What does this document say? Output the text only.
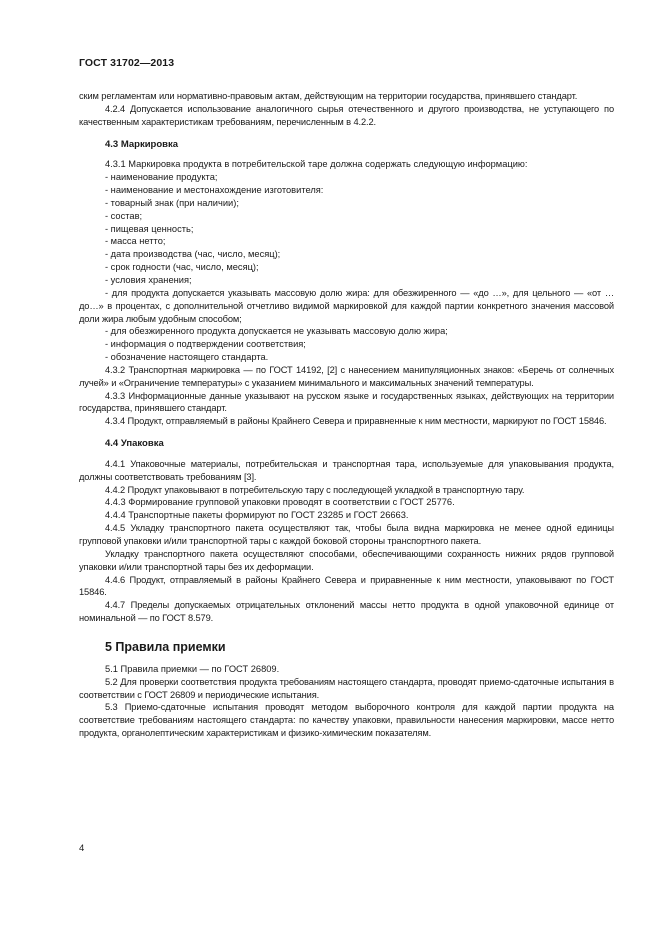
ГОСТ 31702—2013

ским регламентам или нормативно-правовым актам, действующим на территории государства, принявшего стандарт.

4.2.4 Допускается использование аналогичного сырья отечественного и другого производства, не уступающего по качественным характеристикам требованиям, перечисленным в 4.2.2.

4.3 Маркировка

4.3.1 Маркировка продукта в потребительской таре должна содержать следующую информацию:

- наименование продукта;

- наименование и местонахождение изготовителя:

- товарный знак (при наличии);

- состав;

- пищевая ценность;

- масса нетто;

- дата производства (час, число, месяц);

- срок годности (час, число, месяц);

- условия хранения;

- для продукта допускается указывать массовую долю жира: для обезжиренного — «до …», для цельного — «от … до…» в процентах, с дополнительной отчетливо видимой маркировкой для каждой партии конкретного значения массовой доли жира любым удобным способом;

- для обезжиренного продукта допускается не указывать массовую долю жира;

- информация о подтверждении соответствия;

- обозначение настоящего стандарта.

4.3.2 Транспортная маркировка — по ГОСТ 14192, [2] с нанесением манипуляционных знаков: «Беречь от солнечных лучей» и «Ограничение температуры» с указанием минимального и максимальных значений температуры.

4.3.3 Информационные данные указывают на русском языке и государственных языках, действующих на территории государства, принявшего стандарт.

4.3.4 Продукт, отправляемый в районы Крайнего Севера и приравненные к ним местности, маркируют по ГОСТ 15846.

4.4 Упаковка

4.4.1 Упаковочные материалы, потребительская и транспортная тара, используемые для упаковывания продукта, должны соответствовать требованиям [3].

4.4.2 Продукт упаковывают в потребительскую тару с последующей укладкой в транспортную тару.

4.4.3 Формирование групповой упаковки проводят в соответствии с ГОСТ 25776.

4.4.4 Транспортные пакеты формируют по ГОСТ 23285 и ГОСТ 26663.

4.4.5 Укладку транспортного пакета осуществляют так, чтобы была видна маркировка не менее одной единицы групповой упаковки и/или транспортной тары с каждой боковой стороны транспортного пакета.

Укладку транспортного пакета осуществляют способами, обеспечивающими сохранность нижних рядов групповой упаковки и/или транспортной тары без их деформации.

4.4.6 Продукт, отправляемый в районы Крайнего Севера и приравненные к ним местности, упаковывают по ГОСТ 15846.

4.4.7 Пределы допускаемых отрицательных отклонений массы нетто продукта в одной упаковочной единице от номинальной — по ГОСТ 8.579.

5 Правила приемки

5.1 Правила приемки — по ГОСТ 26809.

5.2 Для проверки соответствия продукта требованиям настоящего стандарта, проводят приемо-сдаточные испытания в соответствии с ГОСТ 26809 и периодические испытания.

5.3 Приемо-сдаточные испытания проводят методом выборочного контроля для каждой партии продукта на соответствие требованиям настоящего стандарта: по качеству упаковки, правильности нанесения маркировки, массе нетто продукта, органолептическим характеристикам и физико-химическим показателям.

4
